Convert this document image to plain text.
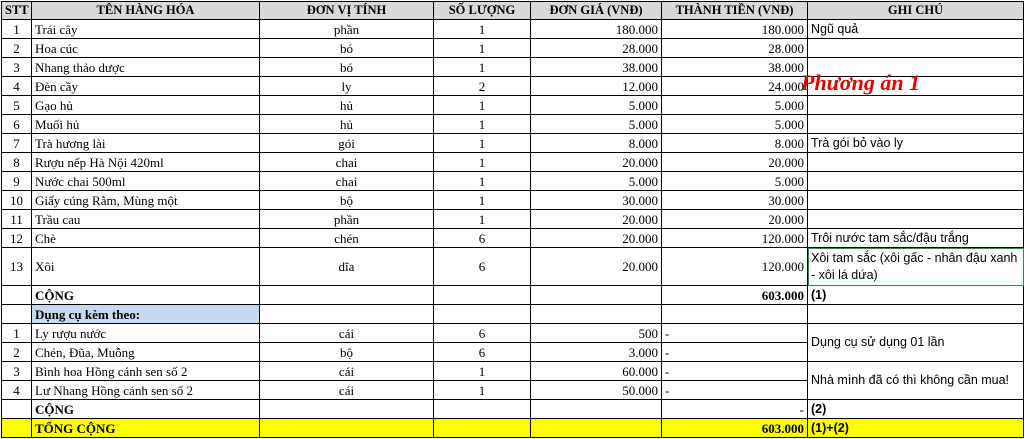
STT	TÊN HÀNG HÓA	ĐƠN VỊ TÍNH	SỐ LƯỢNG	ĐƠN GIÁ (VNĐ)	THÀNH TIỀN (VNĐ)	GHI CHÚ
1	Trái cây	phần	1	180.000	180.000	Ngũ quả
2	Hoa cúc	bó	1	28.000	28.000	
3	Nhang thảo dược	bó	1	38.000	38.000	
4	Đèn cầy	ly	2	12.000	24.000	
5	Gạo hủ	hủ	1	5.000	5.000	
6	Muối hủ	hủ	1	5.000	5.000	
7	Trà hương lài	gói	1	8.000	8.000	Trà gói bỏ vào ly
8	Rượu nếp Hà Nội 420ml	chai	1	20.000	20.000	
9	Nước chai 500ml	chai	1	5.000	5.000	
10	Giấy cúng Rằm, Mùng một	bộ	1	30.000	30.000	
11	Trầu cau	phần	1	20.000	20.000	
12	Chè	chén	6	20.000	120.000	Trôi nước tam sắc/đậu trắng
13	Xôi	dĩa	6	20.000	120.000	Xôi tam sắc (xôi gấc - nhân đậu xanh - xôi lá dứa)
	CỘNG				603.000	(1)
	Dụng cụ kèm theo:					
1	Ly rượu nước	cái	6	500	-	Dụng cụ sử dụng 01 lần
2	Chén, Đũa, Muỗng	bộ	6	3.000	-	
3	Bình hoa Hồng cánh sen số 2	cái	1	60.000	-	Nhà mình đã có thì không cần mua!
4	Lư Nhang Hồng cánh sen số 2	cái	1	50.000	-	
	CỘNG				-	(2)
	TỔNG CỘNG				603.000	(1)+(2)
Phương án 1
